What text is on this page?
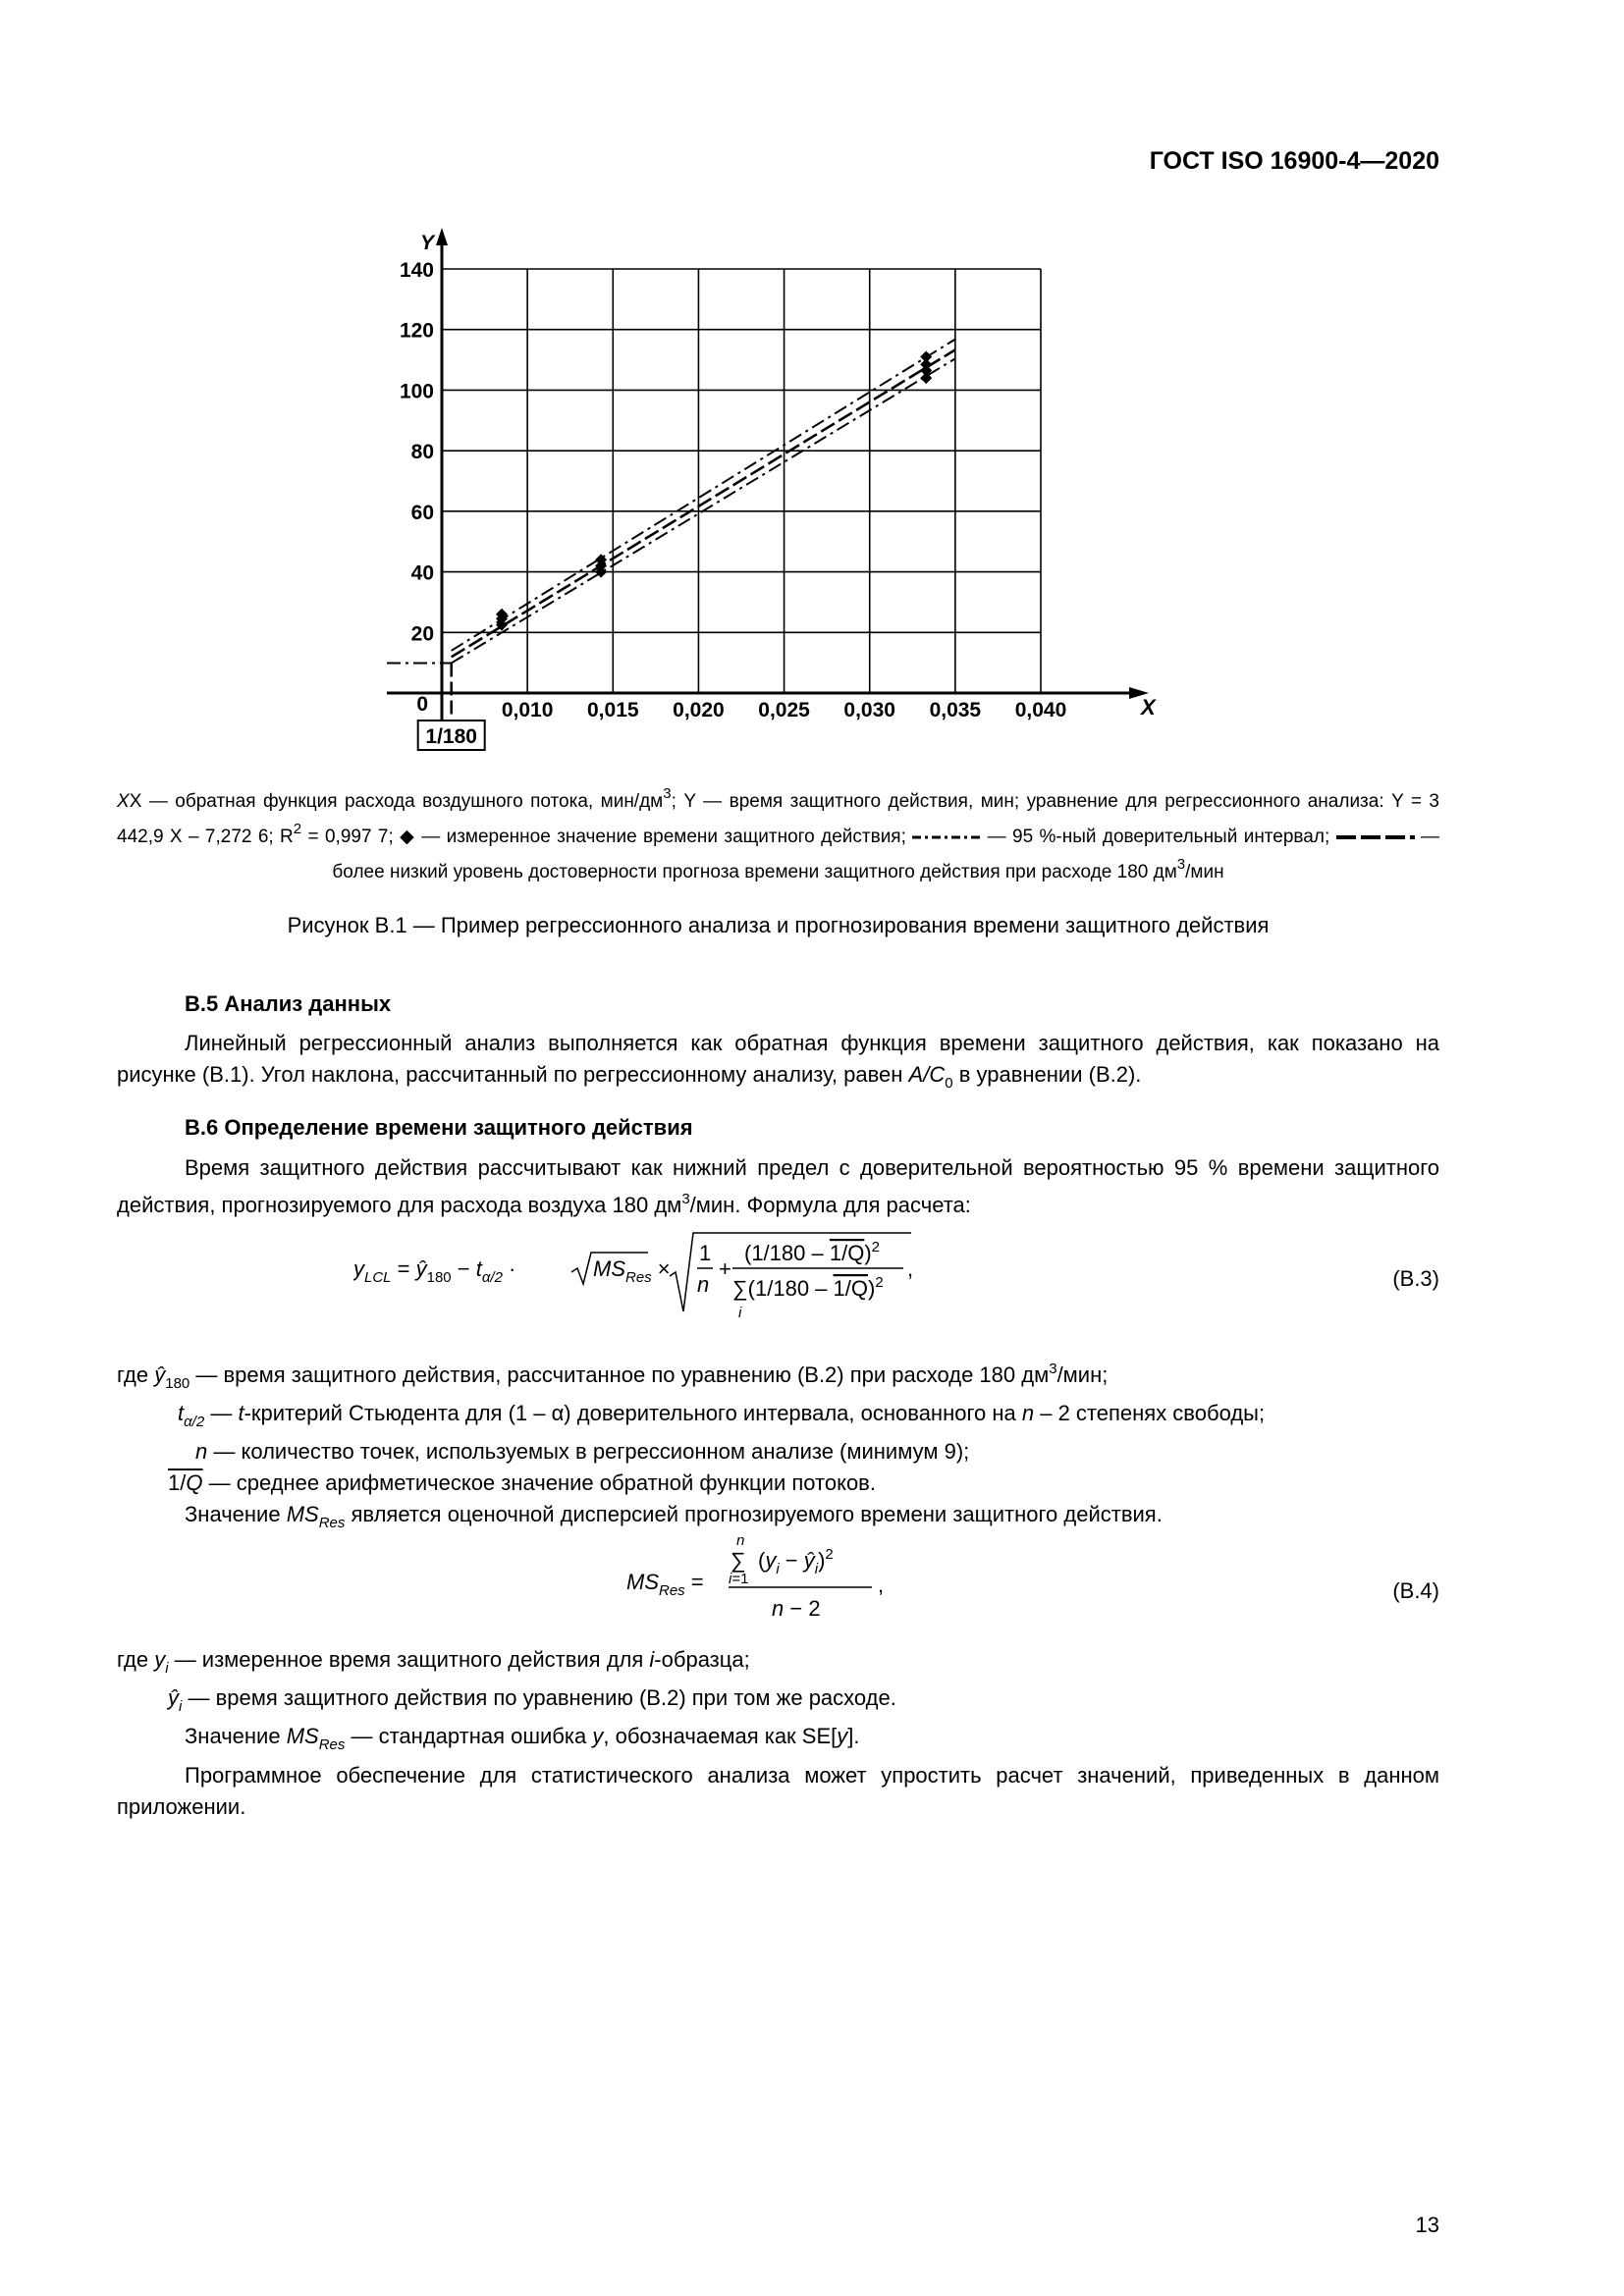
ГОСТ ISO 16900-4—2020
Y
X
0
140
120
100
80
60
40
20
0,010 0,015 0,020 0,025 0,030 0,035 0,040
1/180
XX — обратная функция расхода воздушного потока, мин/$дм^3$; Y — время защитного действия, мин; уравнение для регрессионного анализа: Y = 3 442,9 X – 7,272 6; $R^2 = 0,997$ 7; ◆ — измеренное значение времени защитного действия;	— 95 %-ный доверительный интервал;	— более низкий уровень достоверности прогноза времени защитного действия при расходе 180 $дм^3$/мин
Рисунок В.1 — Пример регрессионного анализа и прогнозирования времени защитного действия
В.5 Анализ данных
Линейный регрессионный анализ выполняется как обратная функция времени защитного действия, как показано на рисунке (В.1). Угол наклона, рассчитанный по регрессионному анализу, равен $A/C_0$ в уравнении (В.2).
В.6 Определение времени защитного действия
Время защитного действия рассчитывают как нижний предел с доверительной вероятностью 95 % времени защитного действия, прогнозируемого для расхода воздуха 180 $дм^3$/мин. Формула для расчета:
$y_{LCL}$ = $ŷ_{180} - t_{\alpha/2}$ ·	$MS_{Res}$ ×
1
n
+
(1/180 – 1/Q)$^2$
∑(1/180 – 1/Q)$^2$
i
,	(В.3)
где $ŷ_{180}$ — время защитного действия, рассчитанное по уравнению (В.2) при расходе 180 $дм^3$/мин;
$t_{\alpha/2}$ — t-критерий Стьюдента для (1 – α) доверительного интервала, основанного на n – 2 степенях свободы;
n — количество точек, используемых в регрессионном анализе (минимум 9);
1/Q — среднее арифметическое значение обратной функции потоков.
Значение $MS_{Res}$ является оценочной дисперсией прогнозируемого времени защитного действия.
$MS_{Res}$ =
n
∑
i=1
($y_i$ − $ŷ_i)^2$
n − 2
,	(В.4)
где $y_i$ — измеренное время защитного действия для i-образца;
$ŷ_i$ — время защитного действия по уравнению (В.2) при том же расходе.
Значение $MS_{Res}$ — стандартная ошибка y, обозначаемая как SE[y].
Программное обеспечение для статистического анализа может упростить расчет значений, приведенных в данном приложении.
13
